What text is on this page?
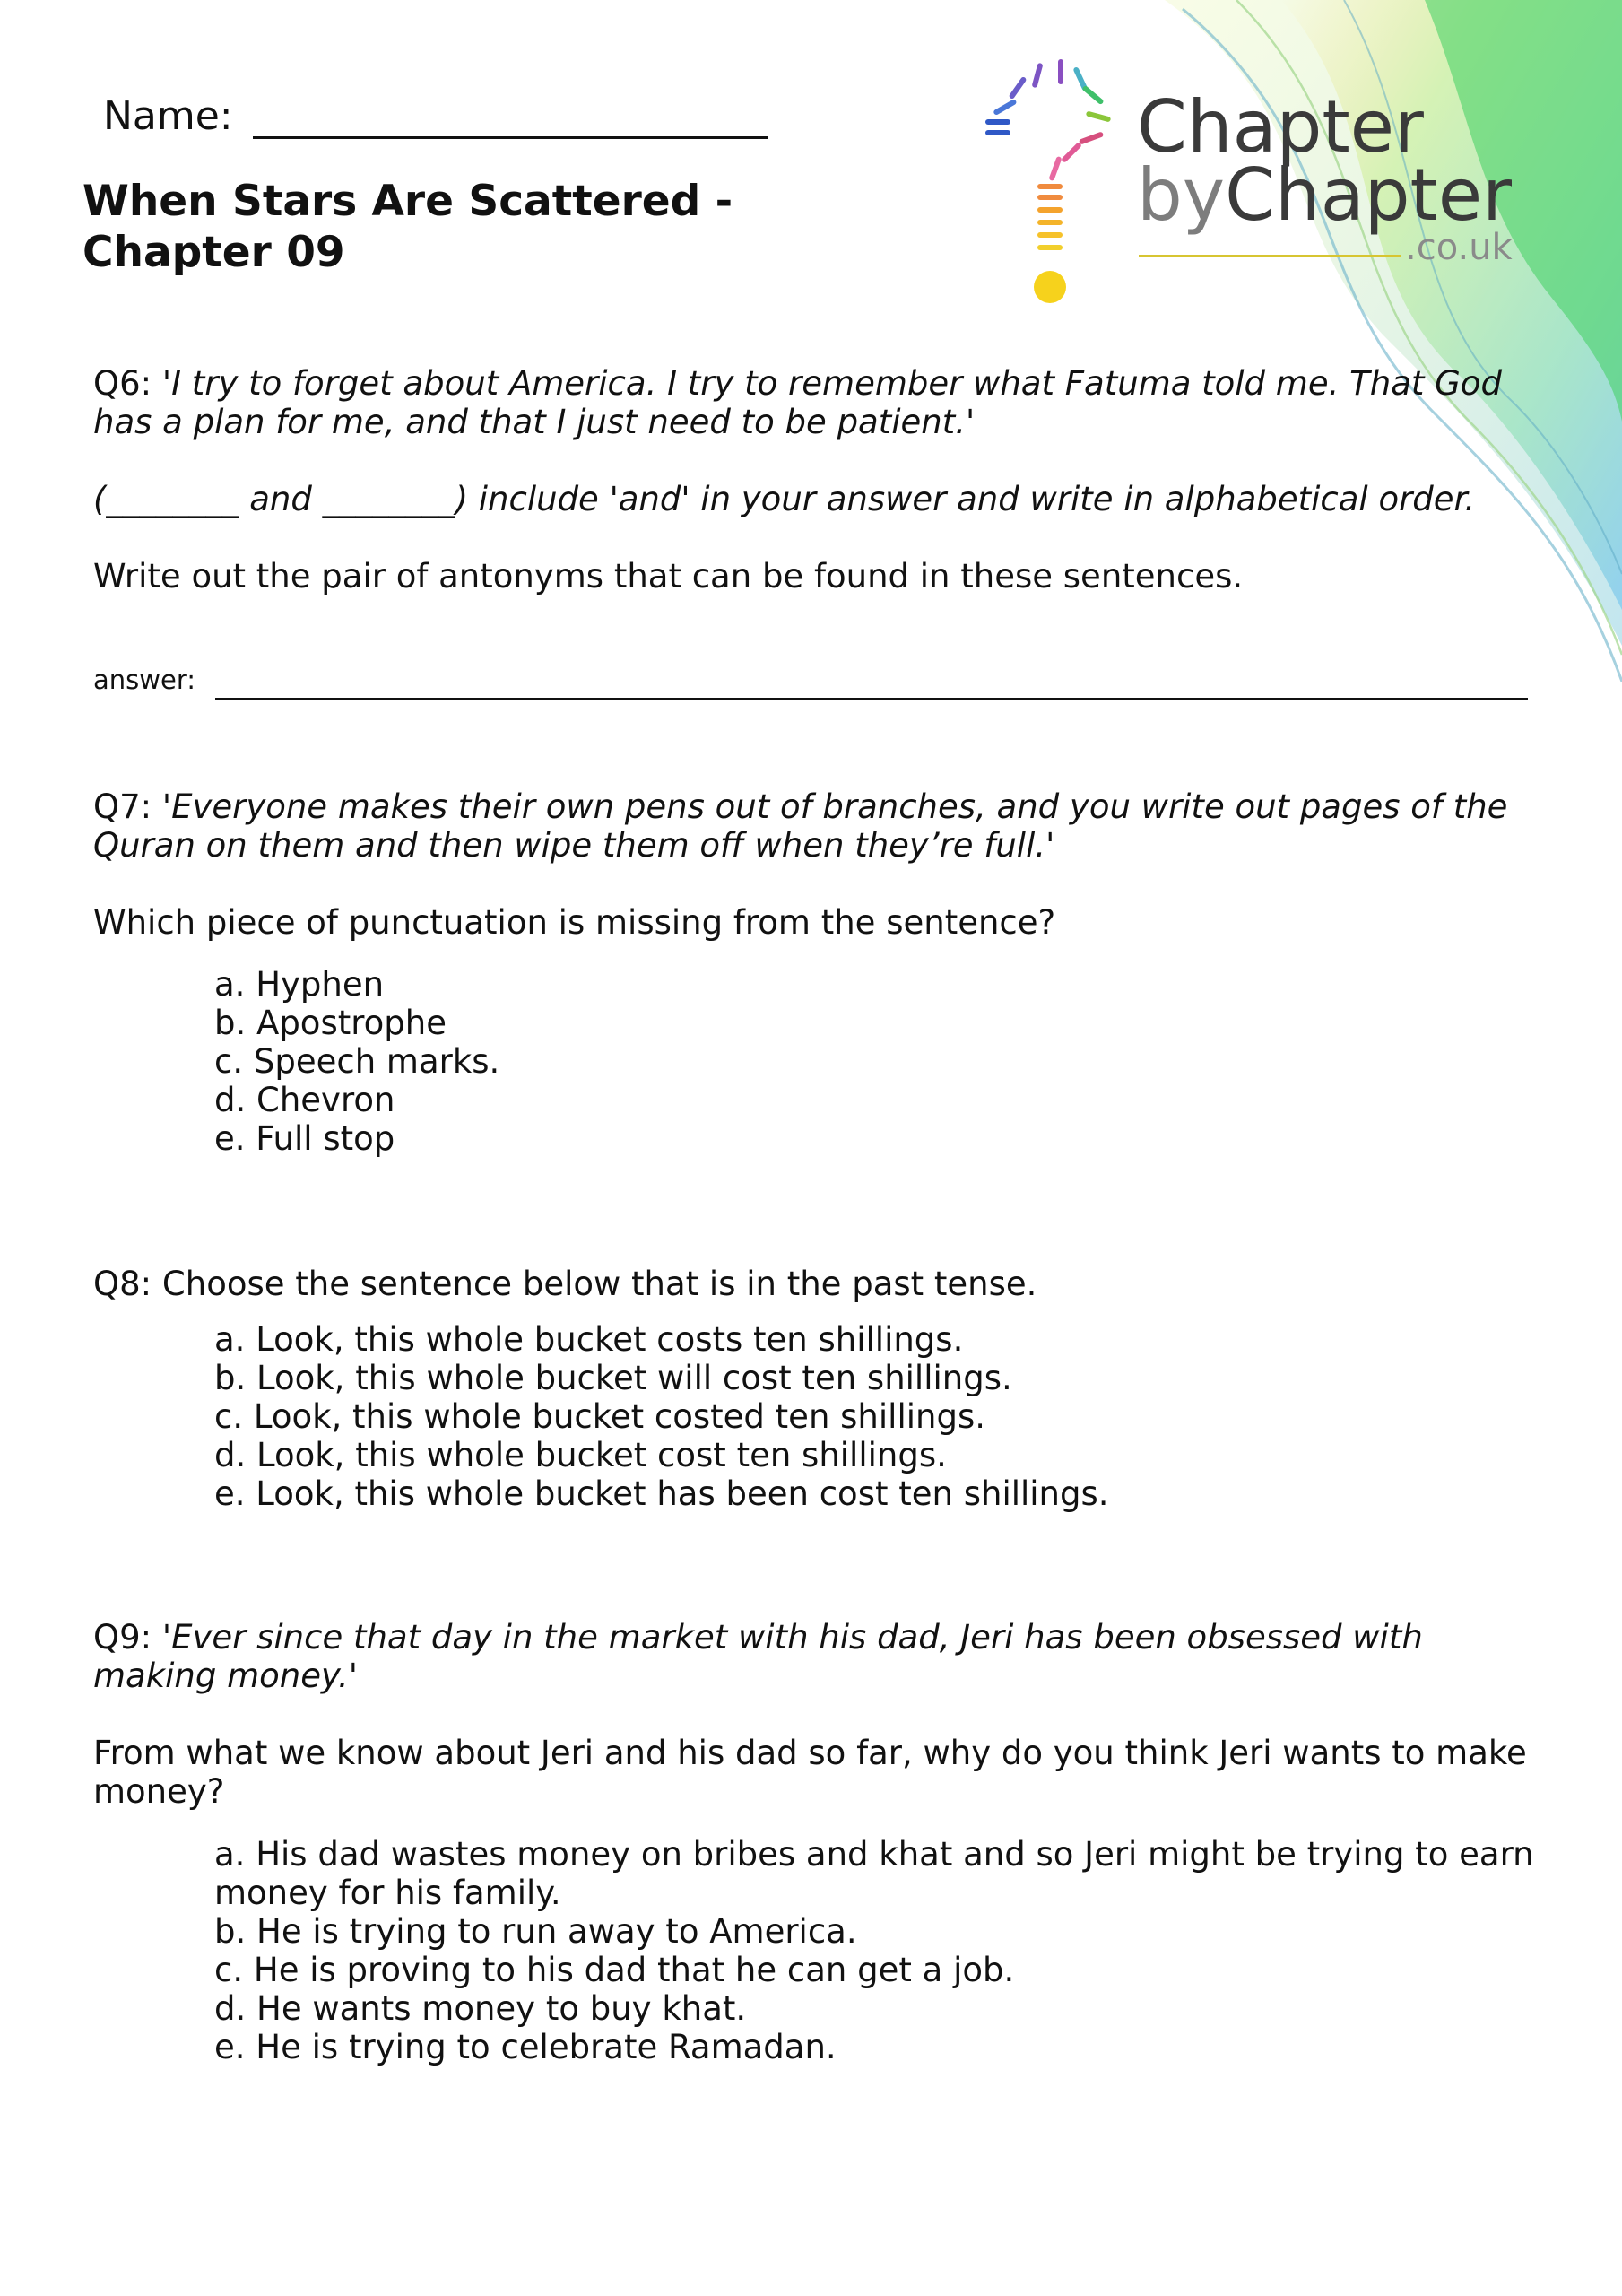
Name:
When Stars Are Scattered - Chapter 09
Chapter
byChapter
.co.uk
Q6: 'I try to forget about America. I try to remember what Fatuma told me. That God has a plan for me, and that I just need to be patient.'
(________ and ________) include 'and' in your answer and write in alphabetical order.
Write out the pair of antonyms that can be found in these sentences.
answer:
Q7: 'Everyone makes their own pens out of branches, and you write out pages of the Quran on them and then wipe them off when they’re full.'
Which piece of punctuation is missing from the sentence?
a. Hyphen
b. Apostrophe
c. Speech marks.
d. Chevron
e. Full stop
Q8: Choose the sentence below that is in the past tense.
a. Look, this whole bucket costs ten shillings.
b. Look, this whole bucket will cost ten shillings.
c. Look, this whole bucket costed ten shillings.
d. Look, this whole bucket cost ten shillings.
e. Look, this whole bucket has been cost ten shillings.
Q9: 'Ever since that day in the market with his dad, Jeri has been obsessed with making money.'
From what we know about Jeri and his dad so far, why do you think Jeri wants to make money?
a. His dad wastes money on bribes and khat and so Jeri might be trying to earn money for his family.
b. He is trying to run away to America.
c. He is proving to his dad that he can get a job.
d. He wants money to buy khat.
e. He is trying to celebrate Ramadan.
